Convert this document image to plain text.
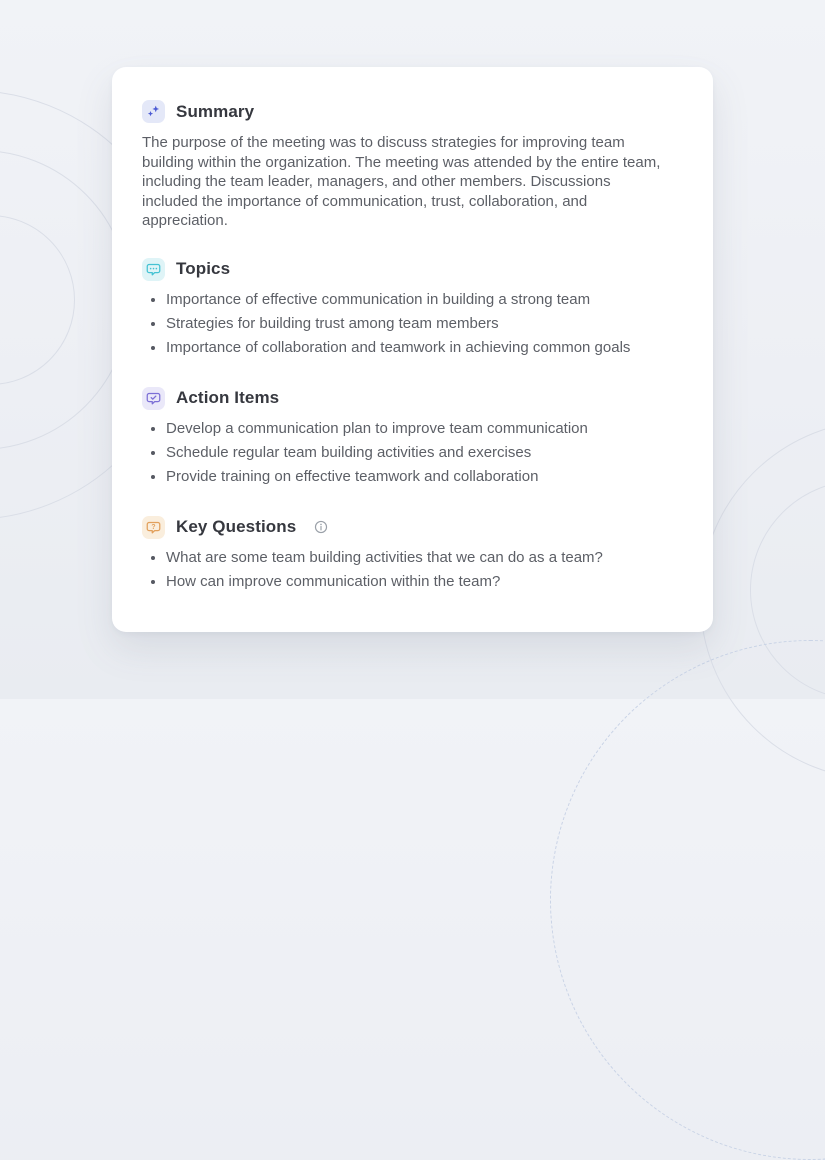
Summary

The purpose of the meeting was to discuss strategies for improving team building within the organization. The meeting was attended by the entire team, including the team leader, managers, and other members. Discussions included the importance of communication, trust, collaboration, and appreciation.

Topics
Importance of effective communication in building a strong team
Strategies for building trust among team members
Importance of collaboration and teamwork in achieving common goals
Action Items
Develop a communication plan to improve team communication
Schedule regular team building activities and exercises
Provide training on effective teamwork and collaboration
? Key Questions
What are some team building activities that we can do as a team?
How can improve communication within the team?
